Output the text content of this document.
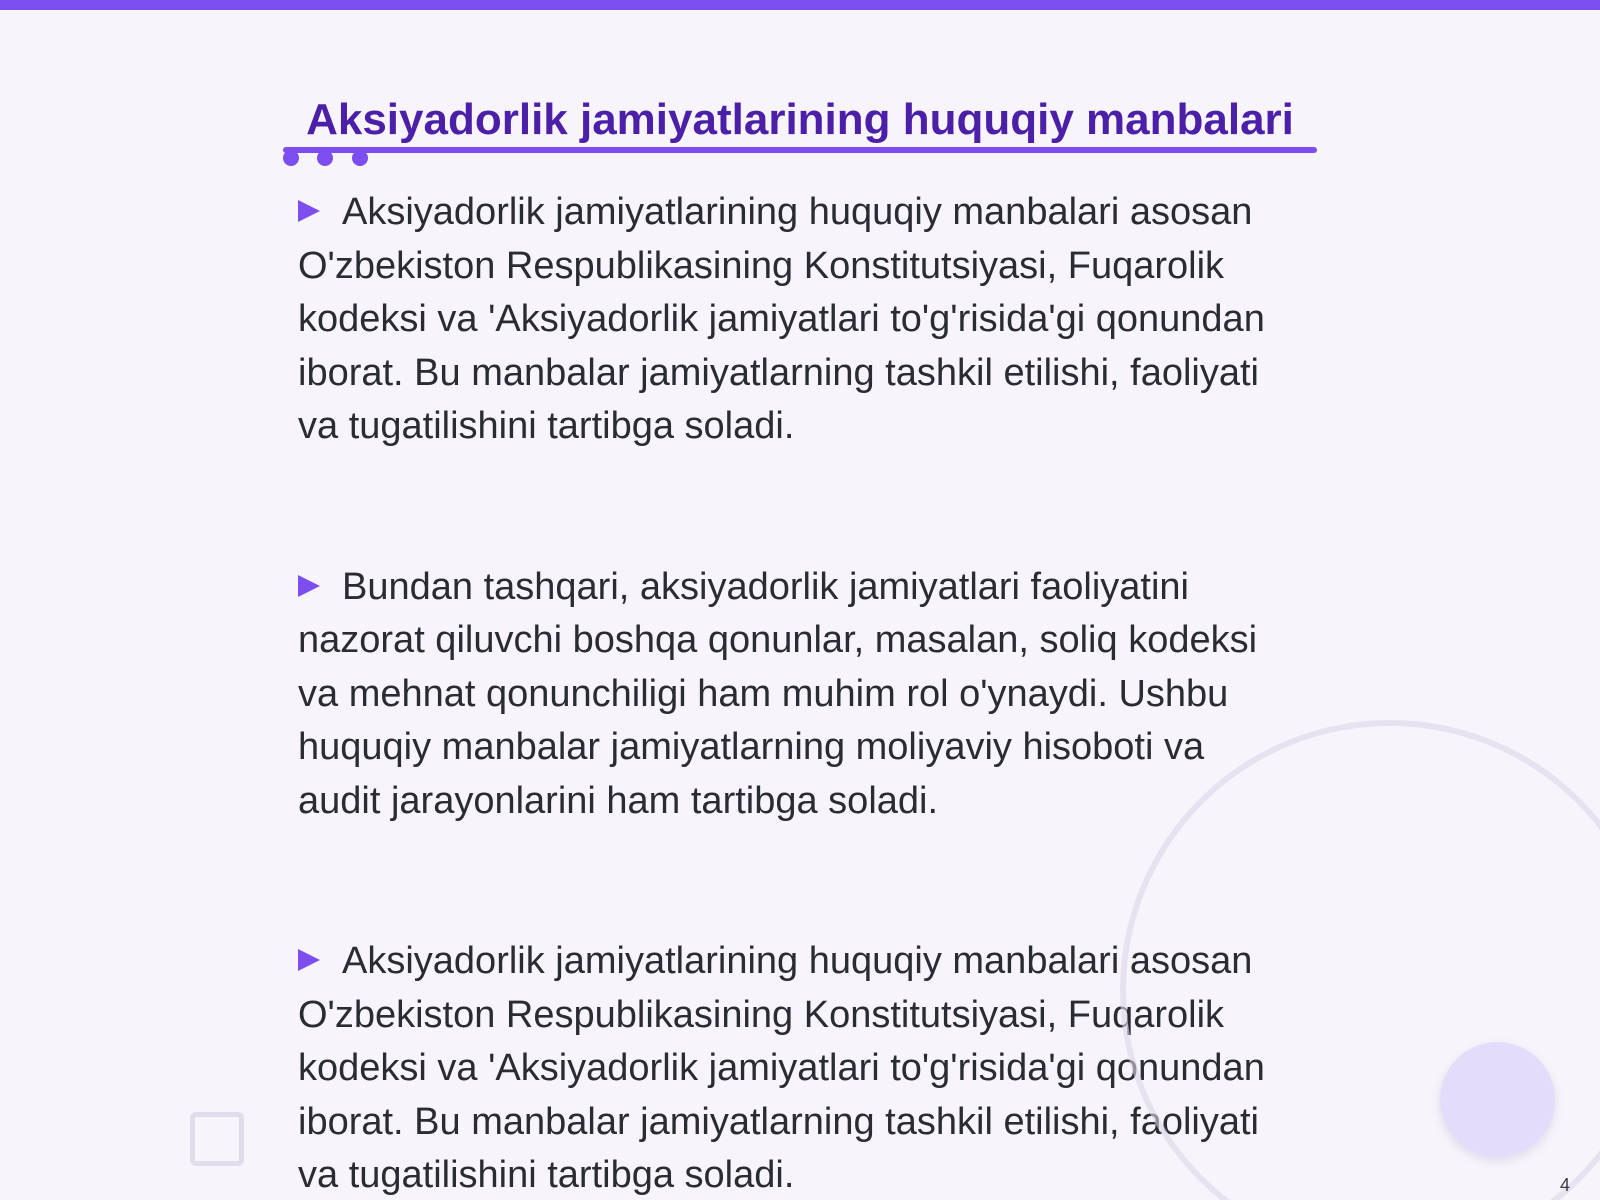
Aksiyadorlik jamiyatlarining huquqiy manbalari

Aksiyadorlik jamiyatlarining huquqiy manbalari asosan O'zbekiston Respublikasining Konstitutsiyasi, Fuqarolik kodeksi va 'Aksiyadorlik jamiyatlari to'g'risida'gi qonundan iborat. Bu manbalar jamiyatlarning tashkil etilishi, faoliyati va tugatilishini tartibga soladi.

Bundan tashqari, aksiyadorlik jamiyatlari faoliyatini nazorat qiluvchi boshqa qonunlar, masalan, soliq kodeksi va mehnat qonunchiligi ham muhim rol o'ynaydi. Ushbu huquqiy manbalar jamiyatlarning moliyaviy hisoboti va audit jarayonlarini ham tartibga soladi.

Aksiyadorlik jamiyatlarining huquqiy manbalari asosan O'zbekiston Respublikasining Konstitutsiyasi, Fuqarolik kodeksi va 'Aksiyadorlik jamiyatlari to'g'risida'gi qonundan iborat. Bu manbalar jamiyatlarning tashkil etilishi, faoliyati va tugatilishini tartibga soladi.	4
